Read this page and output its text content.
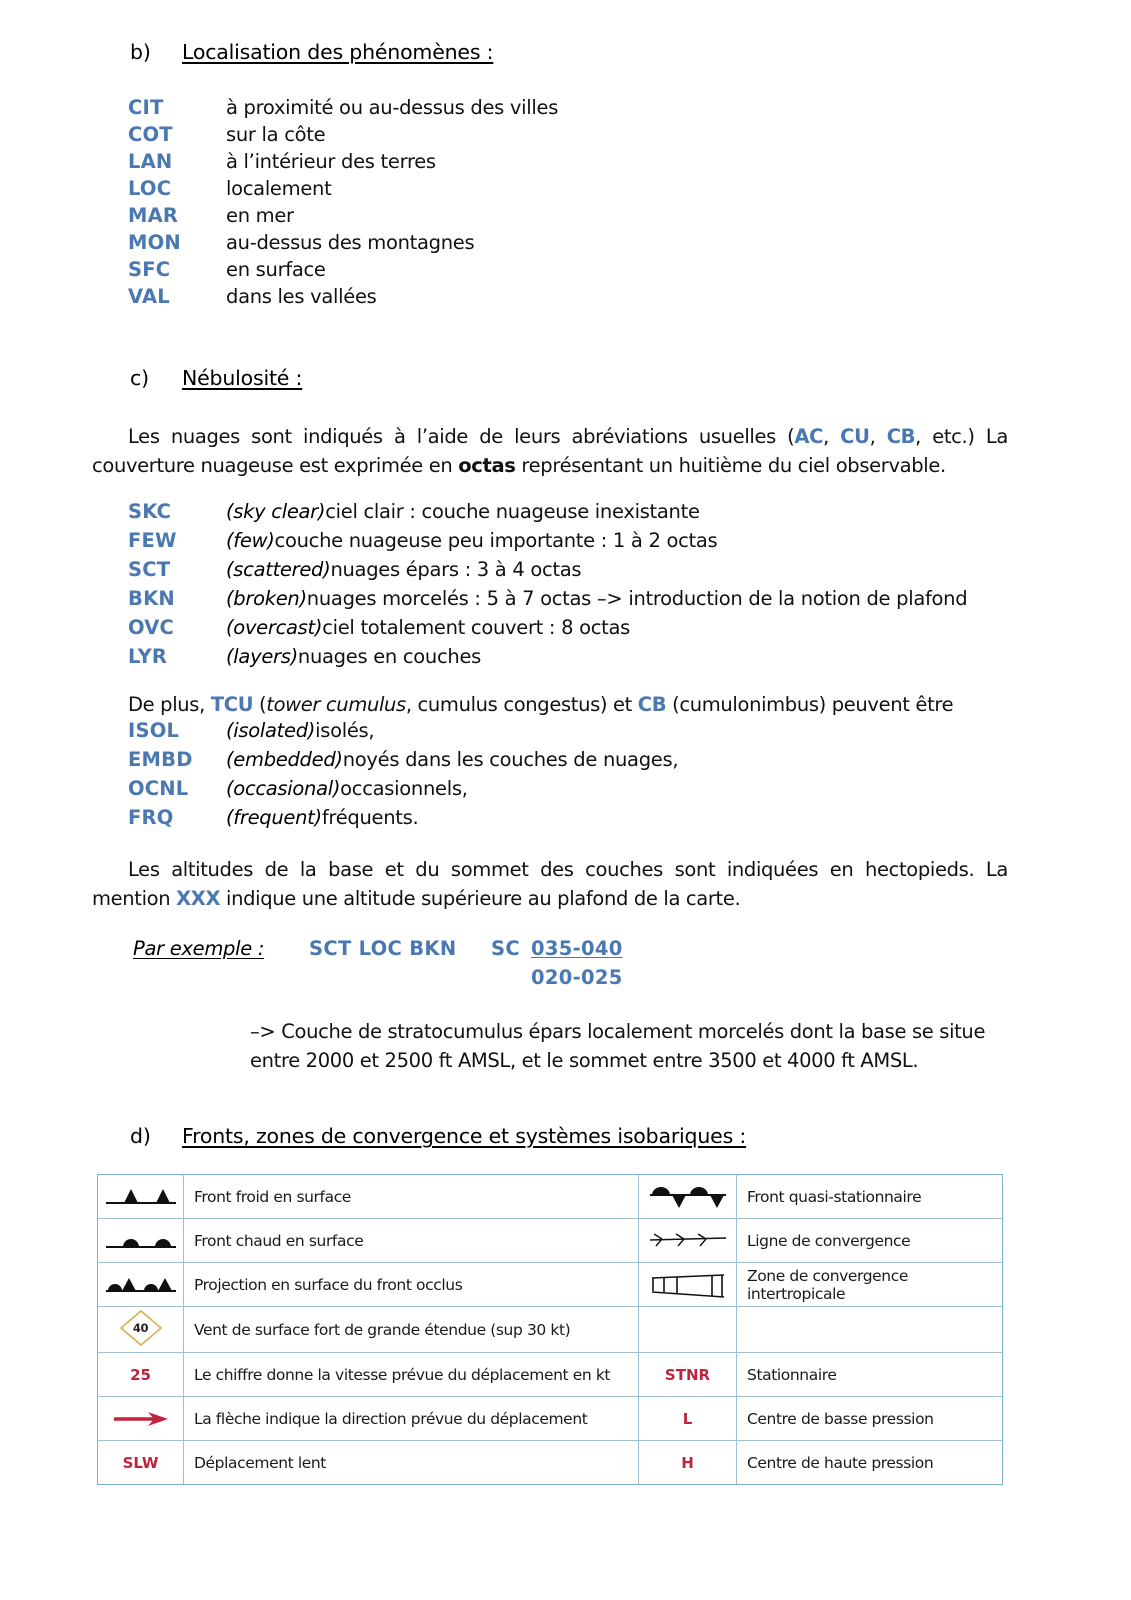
b) Localisation des phénomènes :
CIT	à proximité ou au-dessus des villes
COT	sur la côte
LAN	à l’intérieur des terres
LOC	localement
MAR	en mer
MON	au-dessus des montagnes
SFC	en surface
VAL	dans les vallées
c) Nébulosité :
Les nuages sont indiqués à l’aide de leurs abréviations usuelles (AC, CU, CB, etc.) La couverture nuageuse est exprimée en octas représentant un huitième du ciel observable.
SKC	(sky clear) ciel clair : couche nuageuse inexistante
FEW	(few) couche nuageuse peu importante : 1 à 2 octas
SCT	(scattered) nuages épars : 3 à 4 octas
BKN	(broken) nuages morcelés : 5 à 7 octas –> introduction de la notion de plafond
OVC	(overcast) ciel totalement couvert : 8 octas
LYR	(layers) nuages en couches
De plus, TCU (tower cumulus, cumulus congestus) et CB (cumulonimbus) peuvent être
ISOL	(isolated) isolés,
EMBD	(embedded) noyés dans les couches de nuages,
OCNL	(occasional) occasionnels,
FRQ	(frequent) fréquents.
Les altitudes de la base et du sommet des couches sont indiquées en hectopieds. La mention XXX indique une altitude supérieure au plafond de la carte.
Par exemple :	SCT LOC BKN	SC 035-040
020-025
–> Couche de stratocumulus épars localement morcelés dont la base se situe
entre 2000 et 2500 ft AMSL, et le sommet entre 3500 et 4000 ft AMSL.
d) Fronts, zones de convergence et systèmes isobariques :
	Front froid en surface		Front quasi-stationnaire

	Front chaud en surface		Ligne de convergence

	Projection en surface du front occlus		Zone de convergence intertropicale

40	Vent de surface fort de grande étendue (sup 30 kt)		
25	Le chiffre donne la vitesse prévue du déplacement en kt	STNR	Stationnaire

	La flèche indique la direction prévue du déplacement	L	Centre de basse pression
SLW	Déplacement lent	H	Centre de haute pression
